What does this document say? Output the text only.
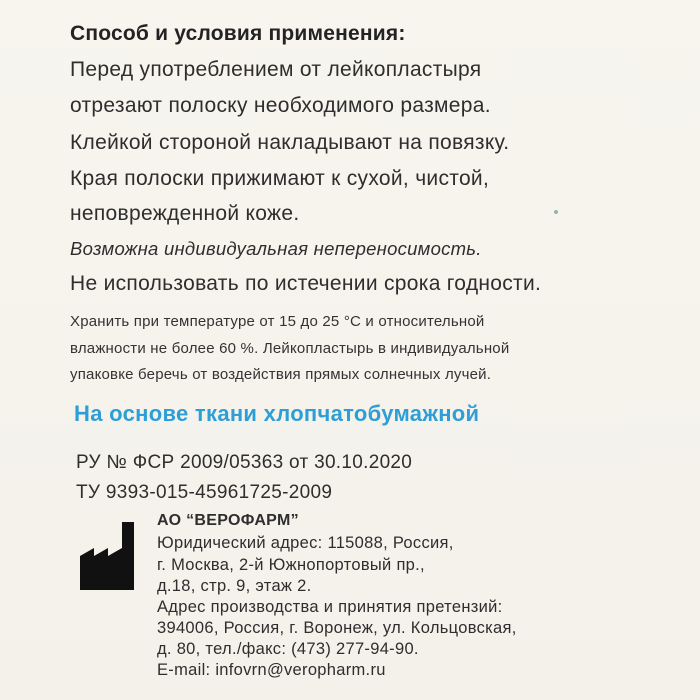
Способ и условия применения:
Перед употреблением от лейкопластыря
отрезают полоску необходимого размера.
Клейкой стороной накладывают на повязку.
Края полоски прижимают к сухой, чистой,
неповрежденной коже.
Возможна индивидуальная непереносимость.
Не использовать по истечении срока годности.
Хранить при температуре от 15 до 25 °С и относительной
влажности не более 60 %. Лейкопластырь в индивидуальной
упаковке беречь от воздействия прямых солнечных лучей.
На основе ткани хлопчатобумажной
РУ № ФСР 2009/05363 от 30.10.2020
ТУ 9393-015-45961725-2009
АО “ВЕРОФАРМ”
Юридический адрес: 115088, Россия,
г. Москва, 2-й Южнопортовый пр.,
д.18, стр. 9, этаж 2.
Адрес производства и принятия претензий:
394006, Россия, г. Воронеж, ул. Кольцовская,
д. 80, тел./факс: (473) 277-94-90.
E-mail: infovrn@veropharm.ru
